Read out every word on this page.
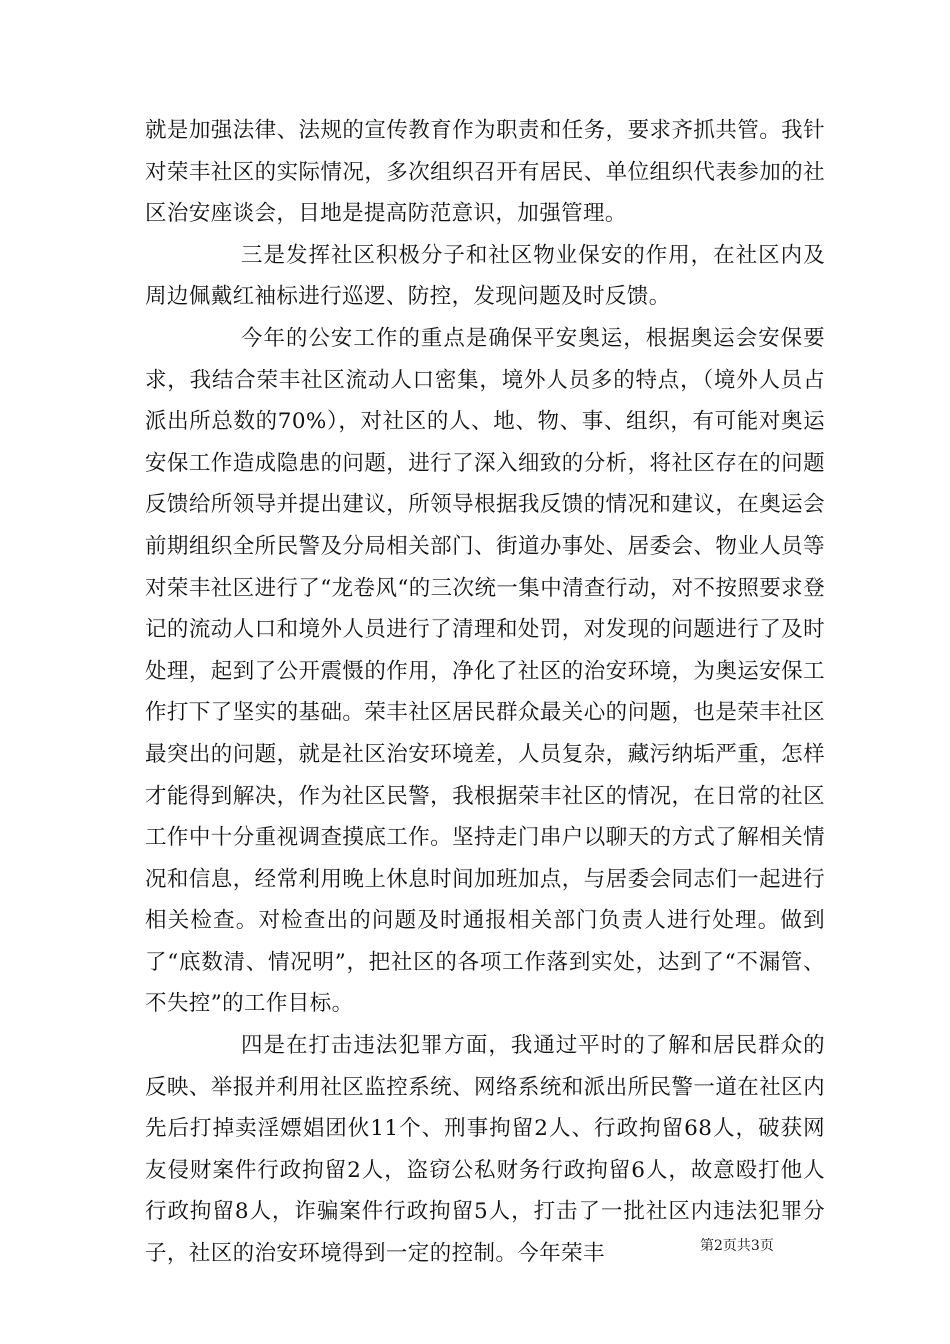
就是加强法律、法规的宣传教育作为职责和任务，要求齐抓共管。我针对荣丰社区的实际情况，多次组织召开有居民、单位组织代表参加的社区治安座谈会，目地是提高防范意识，加强管理。

三是发挥社区积极分子和社区物业保安的作用，在社区内及周边佩戴红袖标进行巡逻、防控，发现问题及时反馈。

今年的公安工作的重点是确保平安奥运，根据奥运会安保要求，我结合荣丰社区流动人口密集，境外人员多的特点，（境外人员占派出所总数的70%），对社区的人、地、物、事、组织，有可能对奥运安保工作造成隐患的问题，进行了深入细致的分析，将社区存在的问题反馈给所领导并提出建议，所领导根据我反馈的情况和建议，在奥运会前期组织全所民警及分局相关部门、街道办事处、居委会、物业人员等对荣丰社区进行了“龙卷风“的三次统一集中清查行动，对不按照要求登记的流动人口和境外人员进行了清理和处罚，对发现的问题进行了及时处理，起到了公开震慑的作用，净化了社区的治安环境，为奥运安保工作打下了坚实的基础。荣丰社区居民群众最关心的问题，也是荣丰社区最突出的问题，就是社区治安环境差，人员复杂，藏污纳垢严重，怎样才能得到解决，作为社区民警，我根据荣丰社区的情况，在日常的社区工作中十分重视调查摸底工作。坚持走门串户以聊天的方式了解相关情况和信息，经常利用晚上休息时间加班加点，与居委会同志们一起进行相关检查。对检查出的问题及时通报相关部门负责人进行处理。做到了“底数清、情况明”，把社区的各项工作落到实处，达到了“不漏管、不失控”的工作目标。

四是在打击违法犯罪方面，我通过平时的了解和居民群众的反映、举报并利用社区监控系统、网络系统和派出所民警一道在社区内先后打掉卖淫嫖娼团伙11个、刑事拘留2人、行政拘留68人，破获网友侵财案件行政拘留2人，盗窃公私财务行政拘留6人，故意殴打他人行政拘留8人，诈骗案件行政拘留5人，打击了一批社区内违法犯罪分子，社区的治安环境得到一定的控制。今年荣丰	第2页共3页
